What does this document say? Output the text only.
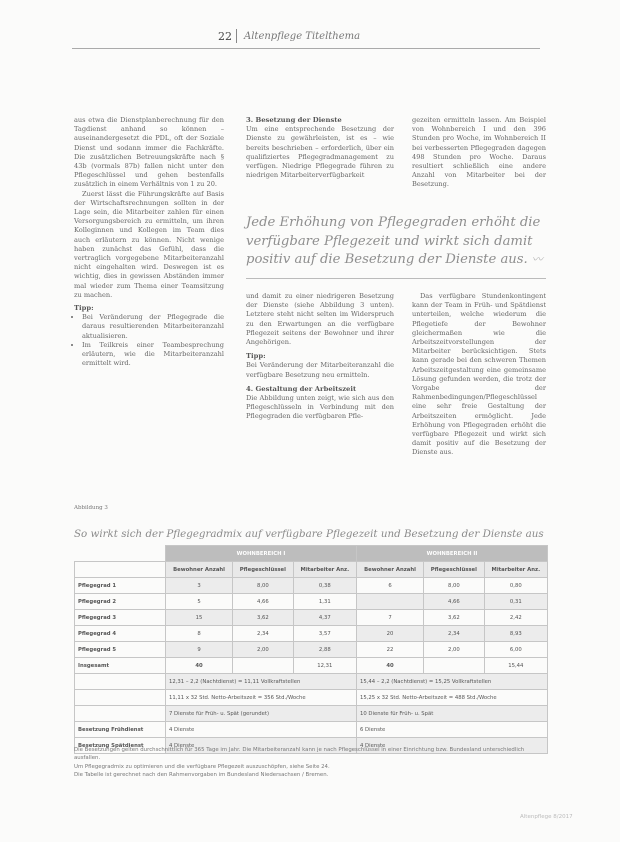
22 Altenpflege Titelthema

aus etwa die Dienstplanberechnung für den Tagdienst anhand so können – auseinandergesetzt die PDL, oft der Soziale Dienst und sodann immer die Fachkräfte. Die zusätzlichen Betreuungskräfte nach § 43b (vormals 87b) fallen nicht unter den Pflegeschlüssel und gehen bestenfalls zusätzlich in einem Verhältnis von 1 zu 20.

Zuerst lässt die Führungskräfte auf Basis der Wirtschaftsrechnungen sollten in der Lage sein, die Mitarbeiter zahlen für einen Versorgungsbereich zu ermitteln, um ihren Kolleginnen und Kollegen im Team dies auch erläutern zu können. Nicht wenige haben zunächst das Gefühl, dass die vertraglich vorgegebene Mitarbeiteranzahl nicht eingehalten wird. Deswegen ist es wichtig, dies in gewissen Abständen immer mal wieder zum Thema einer Teamsitzung zu machen.

Tipp:
• Bei Veränderung der Pflegegrade die daraus resultierenden Mitarbeiteranzahl aktualisieren.
• Im Teilkreis einer Teambesprechung erläutern, wie die Mitarbeiteranzahl ermittelt wird.
3. Besetzung der Dienste

Um eine entsprechende Besetzung der Dienste zu gewährleisten, ist es – wie bereits beschrieben – erforderlich, über ein qualifiziertes Pflegegradmanagement zu verfügen. Niedrige Pflegegrade führen zu niedrigen Mitarbeiterverfügbarkeit

gezeiten ermitteln lassen. Am Beispiel von Wohnbereich I und den 396 Stunden pro Woche, im Wohnbereich II bei verbesserten Pflegegraden dagegen 498 Stunden pro Woche. Daraus resultiert schließlich eine andere Anzahl von Mitarbeiter bei der Besetzung.

Jede Erhöhung von Pflegegraden erhöht die verfügbare Pflegezeit und wirkt sich damit positiv auf die Besetzung der Dienste aus. 〰

und damit zu einer niedrigeren Besetzung der Dienste (siehe Abbildung 3 unten). Letztere steht nicht selten im Widerspruch zu den Erwartungen an die verfügbare Pflegezeit seitens der Bewohner und ihrer Angehörigen.

Tipp:

Bei Veränderung der Mitarbeiteranzahl die verfügbare Besetzung neu ermitteln.

4. Gestaltung der Arbeitszeit

Die Abbildung unten zeigt, wie sich aus den Pflegeschlüsseln in Verbindung mit den Pflegegraden die verfügbaren Pfle-

Das verfügbare Stundenkontingent kann der Team in Früh- und Spätdienst unterteilen, welche wiederum die Pflegetiefe der Bewohner gleichermaßen wie die Arbeitszeitvorstellungen der Mitarbeiter berücksichtigen. Stets kann gerade bei den schweren Themen Arbeitszeitgestaltung eine gemeinsame Lösung gefunden werden, die trotz der Vorgabe der Rahmenbedingungen/Pflegeschlüssel eine sehr freie Gestaltung der Arbeitszeiten ermöglicht. Jede Erhöhung von Pflegegraden erhöht die verfügbare Pflegezeit und wirkt sich damit positiv auf die Besetzung der Dienste aus.

Abbildung 3
So wirkt sich der Pflegegradmix auf verfügbare Pflegezeit und Besetzung der Dienste aus
	WOHNBEREICH I			WOHNBEREICH II		
	Bewohner Anzahl	Pflegeschlüssel	Mitarbeiter Anz.	Bewohner Anzahl	Pflegeschlüssel	Mitarbeiter Anz.
Pflegegrad 1	3	8,00	0,38	6	8,00	0,80
Pflegegrad 2	5	4,66	1,31		4,66	0,31
Pflegegrad 3	15	3,62	4,37	7	3,62	2,42
Pflegegrad 4	8	2,34	3,57	20	2,34	8,93
Pflegegrad 5	9	2,00	2,88	22	2,00	6,00
Insgesamt	40		12,31	40		15,44
	12,31 – 2,2 (Nachtdienst) = 11,11 Vollkraftstellen			15,44 – 2,2 (Nachtdienst) = 15,25 Vollkraftstellen		
	11,11 x 32 Std. Netto-Arbeitszeit = 356 Std./Woche			15,25 x 32 Std. Netto-Arbeitszeit = 488 Std./Woche		
	7 Dienste für Früh- u. Spät (gerundet)			10 Dienste für Früh- u. Spät		
Besetzung Frühdienst	4 Dienste			6 Dienste		
Besetzung Spätdienst	4 Dienste			4 Dienste		
Die Besetzungen gelten durchschnittlich für 365 Tage im Jahr. Die Mitarbeiteranzahl kann je nach Pflegeschlüssel in einer Einrichtung bzw. Bundesland unterschiedlich ausfallen.
Um Pflegegradmix zu optimieren und die verfügbare Pflegezeit auszuschöpfen, siehe Seite 24.
Die Tabelle ist gerechnet nach den Rahmenvorgaben im Bundesland Niedersachsen / Bremen.
Altenpflege 8/2017
